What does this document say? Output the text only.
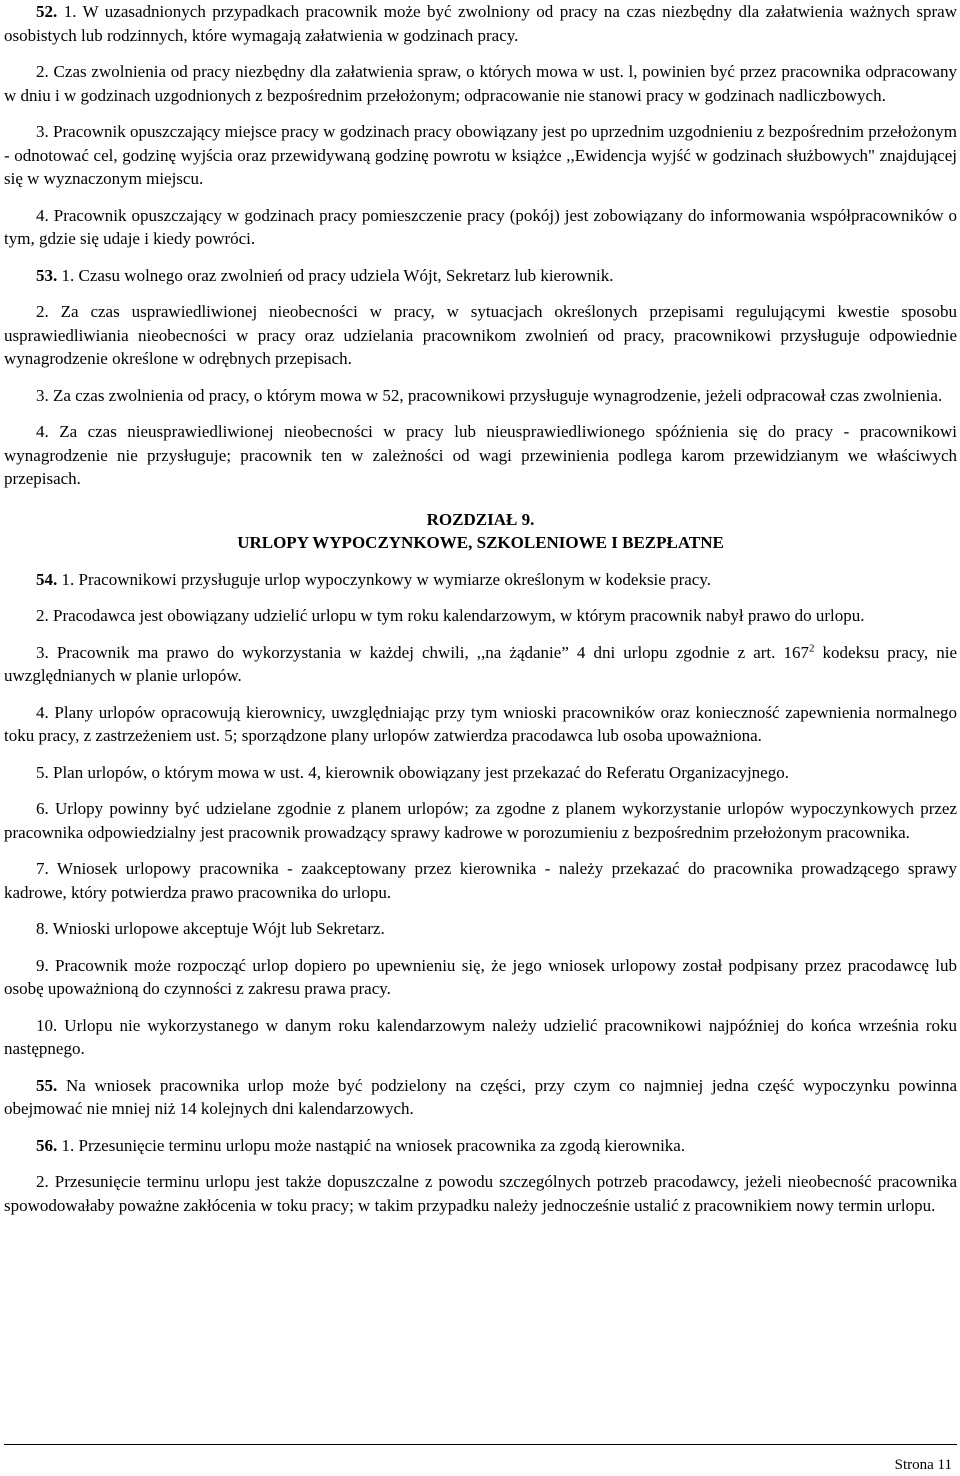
52. 1. W uzasadnionych przypadkach pracownik może być zwolniony od pracy na czas niezbędny dla załatwienia ważnych spraw osobistych lub rodzinnych, które wymagają załatwienia w godzinach pracy.

2. Czas zwolnienia od pracy niezbędny dla załatwienia spraw, o których mowa w ust. l, powinien być przez pracownika odpracowany w dniu i w godzinach uzgodnionych z bezpośrednim przełożonym; odpracowanie nie stanowi pracy w godzinach nadliczbowych.

3. Pracownik opuszczający miejsce pracy w godzinach pracy obowiązany jest po uprzednim uzgodnieniu z bezpośrednim przełożonym - odnotować cel, godzinę wyjścia oraz przewidywaną godzinę powrotu w książce ,,Ewidencja wyjść w godzinach służbowych" znajdującej się w wyznaczonym miejscu.

4. Pracownik opuszczający w godzinach pracy pomieszczenie pracy (pokój) jest zobowiązany do informowania współpracowników o tym, gdzie się udaje i kiedy powróci.

53. 1. Czasu wolnego oraz zwolnień od pracy udziela Wójt, Sekretarz lub kierownik.

2. Za czas usprawiedliwionej nieobecności w pracy, w sytuacjach określonych przepisami regulującymi kwestie sposobu usprawiedliwiania nieobecności w pracy oraz udzielania pracownikom zwolnień od pracy, pracownikowi przysługuje odpowiednie wynagrodzenie określone w odrębnych przepisach.

3. Za czas zwolnienia od pracy, o którym mowa w 52, pracownikowi przysługuje wynagrodzenie, jeżeli odpracował czas zwolnienia.

4. Za czas nieusprawiedliwionej nieobecności w pracy lub nieusprawiedliwionego spóźnienia się do pracy - pracownikowi wynagrodzenie nie przysługuje; pracownik ten w zależności od wagi przewinienia podlega karom przewidzianym we właściwych przepisach.

ROZDZIAŁ 9.
URLOPY WYPOCZYNKOWE, SZKOLENIOWE I BEZPŁATNE

54. 1. Pracownikowi przysługuje urlop wypoczynkowy w wymiarze określonym w kodeksie pracy.

2. Pracodawca jest obowiązany udzielić urlopu w tym roku kalendarzowym, w którym pracownik nabył prawo do urlopu.

3. Pracownik ma prawo do wykorzystania w każdej chwili, ,,na żądanie” 4 dni urlopu zgodnie z art. $167^2$ kodeksu pracy, nie uwzględnianych w planie urlopów.

4. Plany urlopów opracowują kierownicy, uwzględniając przy tym wnioski pracowników oraz konieczność zapewnienia normalnego toku pracy, z zastrzeżeniem ust. 5; sporządzone plany urlopów zatwierdza pracodawca lub osoba upoważniona.

5. Plan urlopów, o którym mowa w ust. 4, kierownik obowiązany jest przekazać do Referatu Organizacyjnego.

6. Urlopy powinny być udzielane zgodnie z planem urlopów; za zgodne z planem wykorzystanie urlopów wypoczynkowych przez pracownika odpowiedzialny jest pracownik prowadzący sprawy kadrowe w porozumieniu z bezpośrednim przełożonym pracownika.

7. Wniosek urlopowy pracownika - zaakceptowany przez kierownika - należy przekazać do pracownika prowadzącego sprawy kadrowe, który potwierdza prawo pracownika do urlopu.

8. Wnioski urlopowe akceptuje Wójt lub Sekretarz.

9. Pracownik może rozpocząć urlop dopiero po upewnieniu się, że jego wniosek urlopowy został podpisany przez pracodawcę lub osobę upoważnioną do czynności z zakresu prawa pracy.

10. Urlopu nie wykorzystanego w danym roku kalendarzowym należy udzielić pracownikowi najpóźniej do końca września roku następnego.

55. Na wniosek pracownika urlop może być podzielony na części, przy czym co najmniej jedna część wypoczynku powinna obejmować nie mniej niż 14 kolejnych dni kalendarzowych.

56. 1. Przesunięcie terminu urlopu może nastąpić na wniosek pracownika za zgodą kierownika.

2. Przesunięcie terminu urlopu jest także dopuszczalne z powodu szczególnych potrzeb pracodawcy, jeżeli nieobecność pracownika spowodowałaby poważne zakłócenia w toku pracy; w takim przypadku należy jednocześnie ustalić z pracownikiem nowy termin urlopu.

Strona 11
